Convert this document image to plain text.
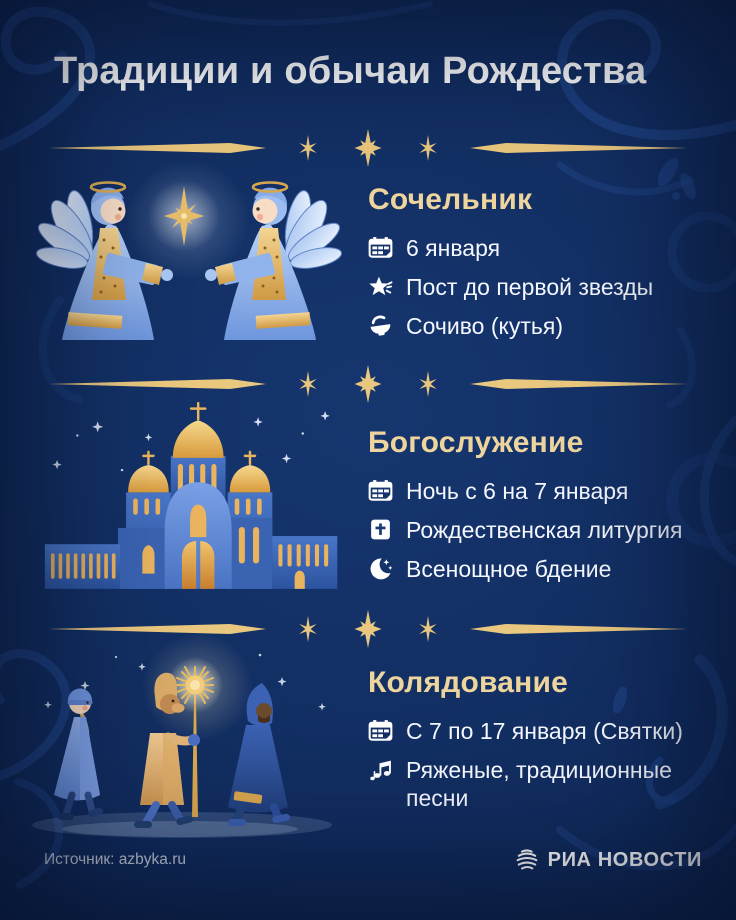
Традиции и обычаи Рождества
Сочельник
6 января
Пост до первой звезды
Сочиво (кутья)
Богослужение
Ночь с 6 на 7 января
Рождественская литургия
Всенощное бдение
Колядование
С 7 по 17 января (Святки)
Ряженые, традиционные песни
Источник: azbyka.ru	РИА НОВОСТИ
